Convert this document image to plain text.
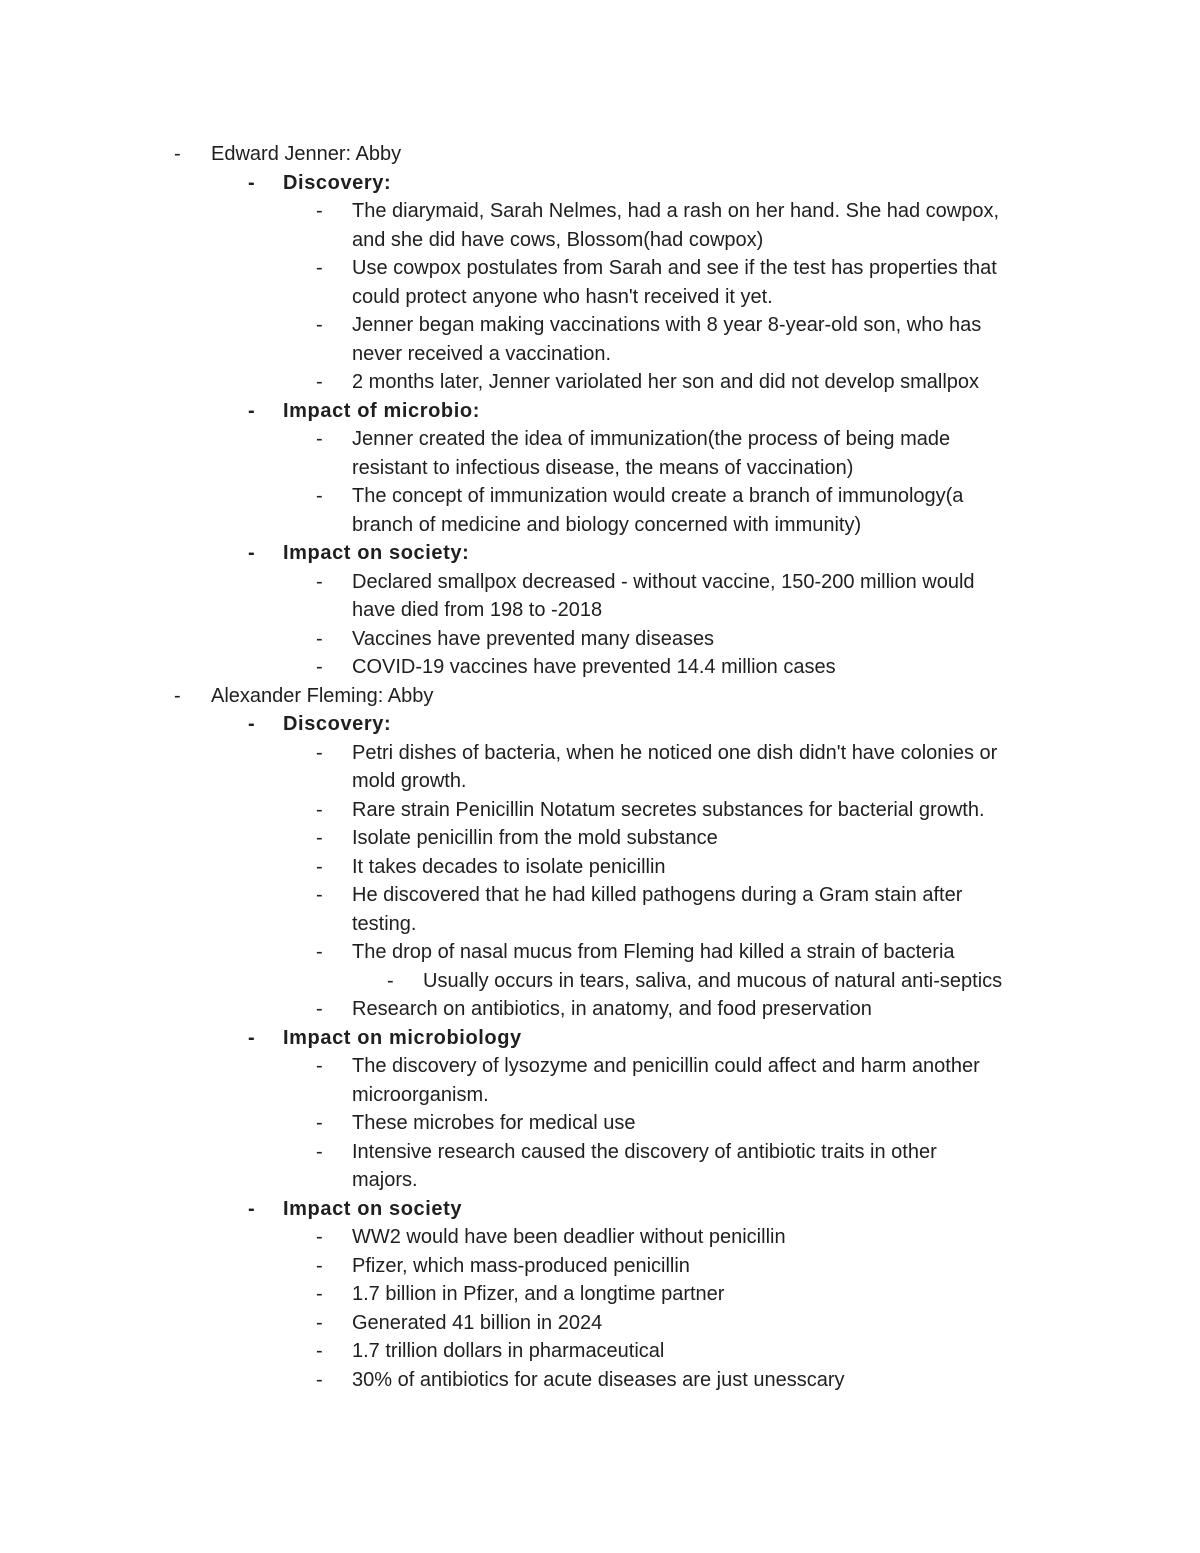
- Edward Jenner: Abby
- Discovery:
- The diarymaid, Sarah Nelmes, had a rash on her hand. She had cowpox,
and she did have cows, Blossom(had cowpox)
- Use cowpox postulates from Sarah and see if the test has properties that
could protect anyone who hasn't received it yet.
- Jenner began making vaccinations with 8 year 8-year-old son, who has
never received a vaccination.
- 2 months later, Jenner variolated her son and did not develop smallpox
- Impact of microbio:
- Jenner created the idea of immunization(the process of being made
resistant to infectious disease, the means of vaccination)
- The concept of immunization would create a branch of immunology(a
branch of medicine and biology concerned with immunity)
- Impact on society:
- Declared smallpox decreased - without vaccine, 150-200 million would
have died from 198 to -2018
- Vaccines have prevented many diseases
- COVID-19 vaccines have prevented 14.4 million cases
- Alexander Fleming: Abby
- Discovery:
- Petri dishes of bacteria, when he noticed one dish didn't have colonies or
mold growth.
- Rare strain Penicillin Notatum secretes substances for bacterial growth.
- Isolate penicillin from the mold substance
- It takes decades to isolate penicillin
- He discovered that he had killed pathogens during a Gram stain after
testing.
- The drop of nasal mucus from Fleming had killed a strain of bacteria
- Usually occurs in tears, saliva, and mucous of natural anti-septics
- Research on antibiotics, in anatomy, and food preservation
- Impact on microbiology
- The discovery of lysozyme and penicillin could affect and harm another
microorganism.
- These microbes for medical use
- Intensive research caused the discovery of antibiotic traits in other
majors.
- Impact on society
- WW2 would have been deadlier without penicillin
- Pfizer, which mass-produced penicillin
- 1.7 billion in Pfizer, and a longtime partner
- Generated 41 billion in 2024
- 1.7 trillion dollars in pharmaceutical
- 30% of antibiotics for acute diseases are just unesscary
